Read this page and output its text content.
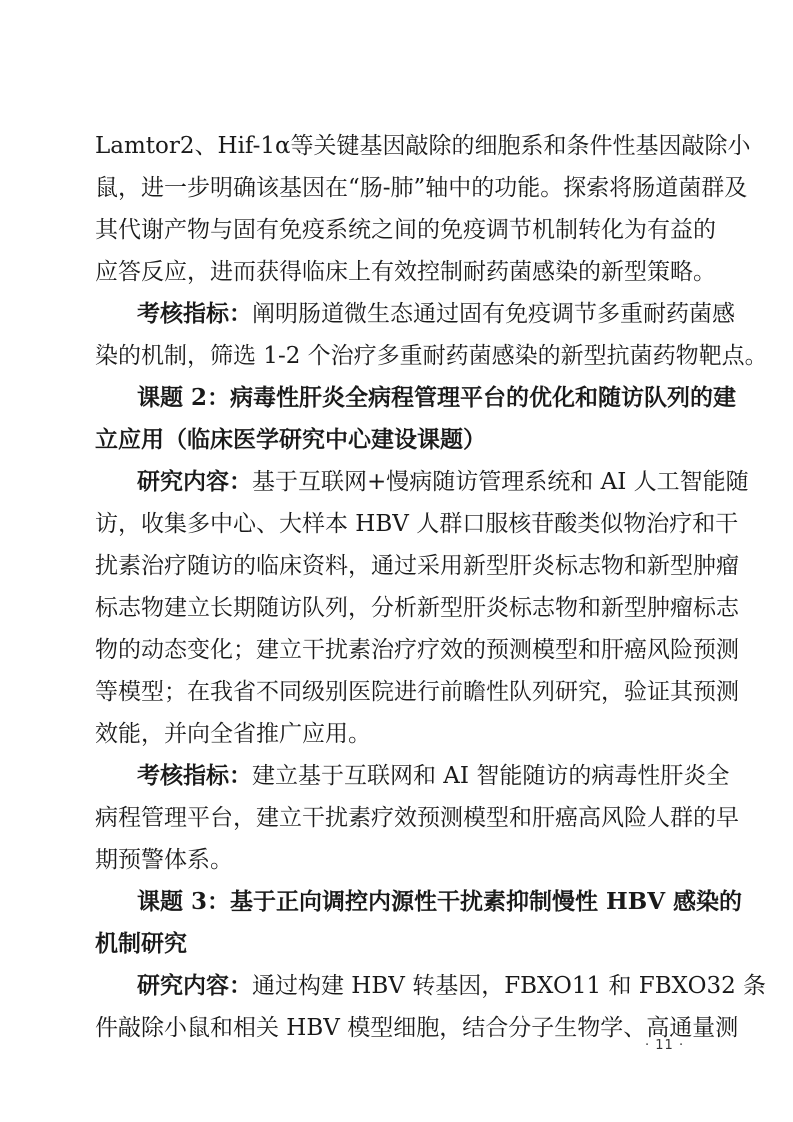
Lamtor2、Hif-1α等关键基因敲除的细胞系和条件性基因敲除小
鼠，进一步明确该基因在“肠-肺”轴中的功能。探索将肠道菌群及
其代谢产物与固有免疫系统之间的免疫调节机制转化为有益的
应答反应，进而获得临床上有效控制耐药菌感染的新型策略。
考核指标：阐明肠道微生态通过固有免疫调节多重耐药菌感
染的机制，筛选 1-2 个治疗多重耐药菌感染的新型抗菌药物靶点。
课题 2：病毒性肝炎全病程管理平台的优化和随访队列的建
立应用（临床医学研究中心建设课题）
研究内容：基于互联网+慢病随访管理系统和 AI 人工智能随
访，收集多中心、大样本 HBV 人群口服核苷酸类似物治疗和干
扰素治疗随访的临床资料，通过采用新型肝炎标志物和新型肿瘤
标志物建立长期随访队列，分析新型肝炎标志物和新型肿瘤标志
物的动态变化；建立干扰素治疗疗效的预测模型和肝癌风险预测
等模型；在我省不同级别医院进行前瞻性队列研究，验证其预测
效能，并向全省推广应用。
考核指标：建立基于互联网和 AI 智能随访的病毒性肝炎全
病程管理平台，建立干扰素疗效预测模型和肝癌高风险人群的早
期预警体系。
课题 3：基于正向调控内源性干扰素抑制慢性 HBV 感染的
机制研究
研究内容：通过构建 HBV 转基因，FBXO11 和 FBXO32 条
件敲除小鼠和相关 HBV 模型细胞，结合分子生物学、高通量测
· 11 ·
